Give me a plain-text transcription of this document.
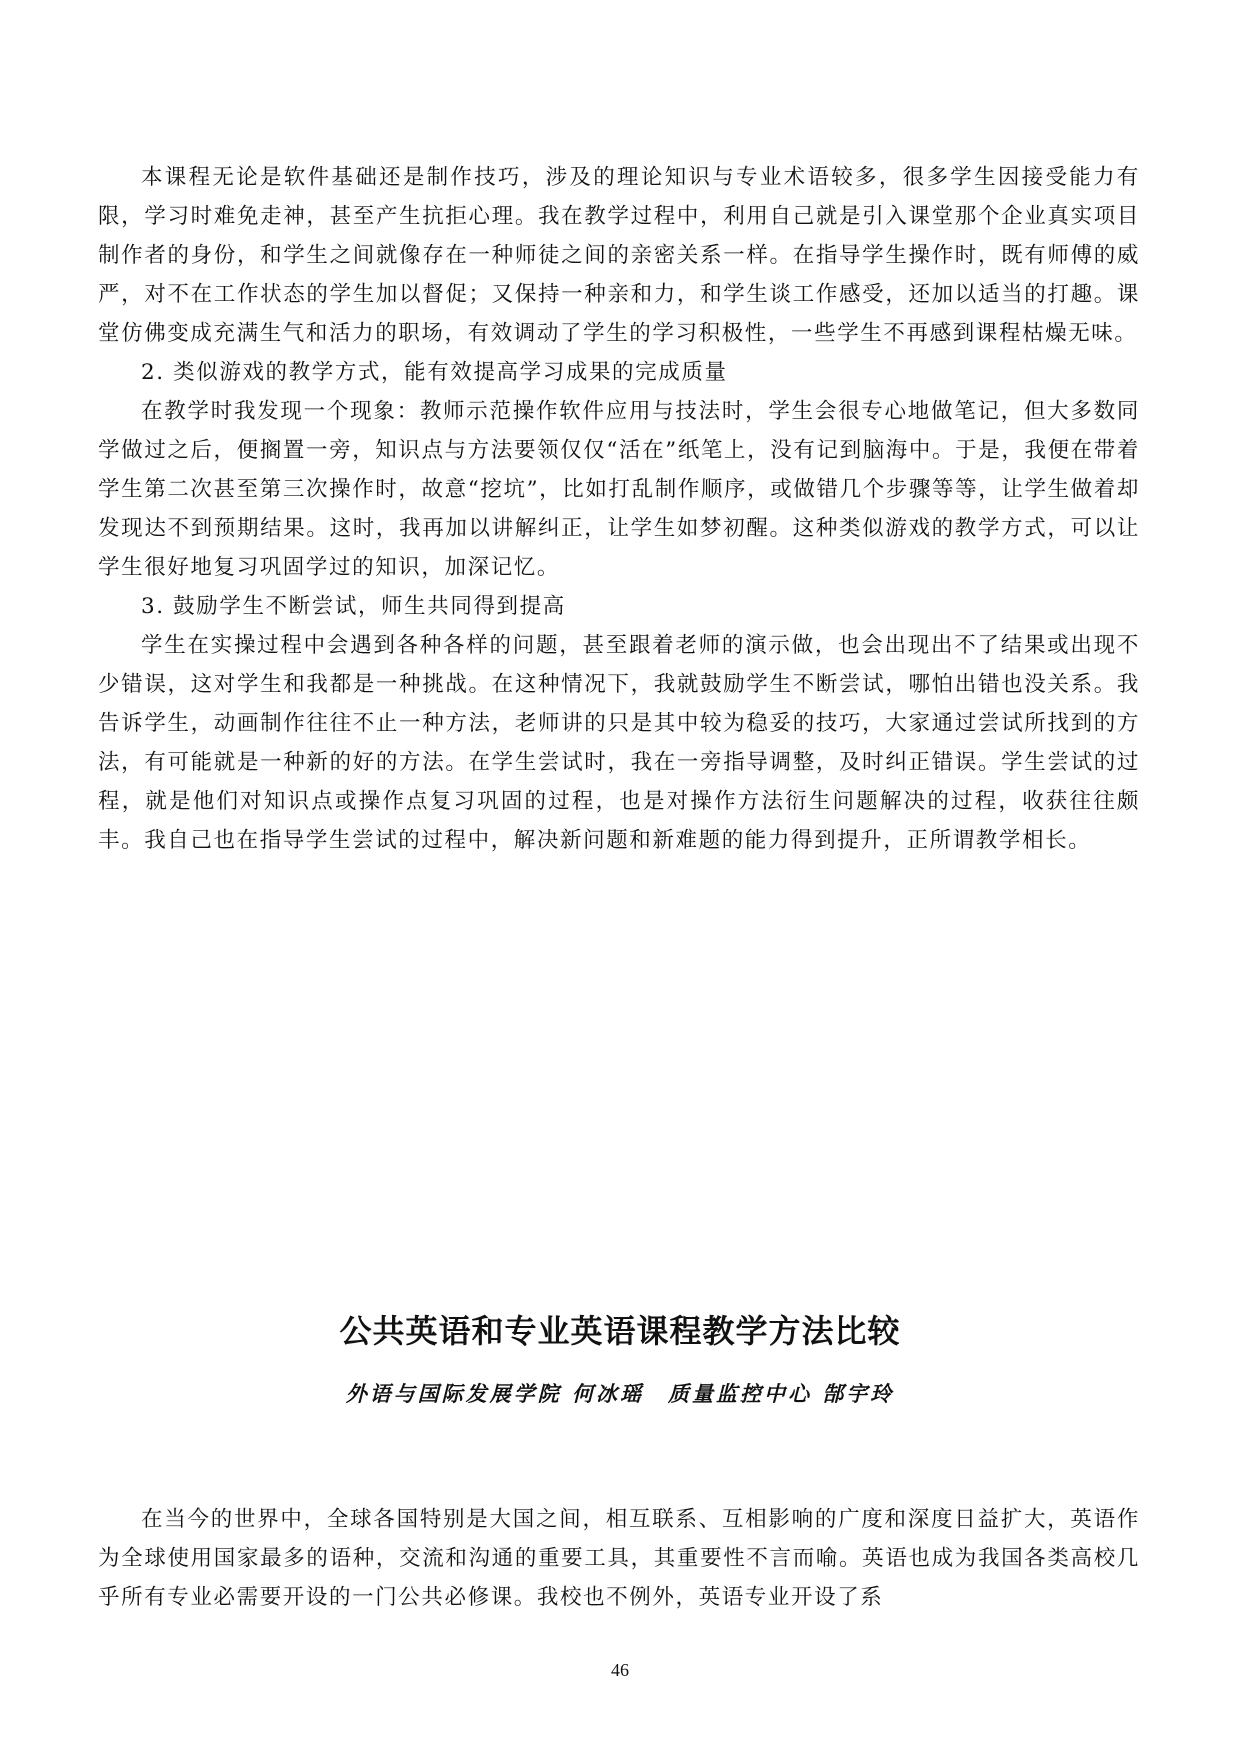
本课程无论是软件基础还是制作技巧，涉及的理论知识与专业术语较多，很多学生因接受能力有限，学习时难免走神，甚至产生抗拒心理。我在教学过程中，利用自己就是引入课堂那个企业真实项目制作者的身份，和学生之间就像存在一种师徒之间的亲密关系一样。在指导学生操作时，既有师傅的威严，对不在工作状态的学生加以督促；又保持一种亲和力，和学生谈工作感受，还加以适当的打趣。课堂仿佛变成充满生气和活力的职场，有效调动了学生的学习积极性，一些学生不再感到课程枯燥无味。

2. 类似游戏的教学方式，能有效提高学习成果的完成质量

在教学时我发现一个现象：教师示范操作软件应用与技法时，学生会很专心地做笔记，但大多数同学做过之后，便搁置一旁，知识点与方法要领仅仅“活在”纸笔上，没有记到脑海中。于是，我便在带着学生第二次甚至第三次操作时，故意“挖坑”，比如打乱制作顺序，或做错几个步骤等等，让学生做着却发现达不到预期结果。这时，我再加以讲解纠正，让学生如梦初醒。这种类似游戏的教学方式，可以让学生很好地复习巩固学过的知识，加深记忆。

3. 鼓励学生不断尝试，师生共同得到提高

学生在实操过程中会遇到各种各样的问题，甚至跟着老师的演示做，也会出现出不了结果或出现不少错误，这对学生和我都是一种挑战。在这种情况下，我就鼓励学生不断尝试，哪怕出错也没关系。我告诉学生，动画制作往往不止一种方法，老师讲的只是其中较为稳妥的技巧，大家通过尝试所找到的方法，有可能就是一种新的好的方法。在学生尝试时，我在一旁指导调整，及时纠正错误。学生尝试的过程，就是他们对知识点或操作点复习巩固的过程，也是对操作方法衍生问题解决的过程，收获往往颇丰。我自己也在指导学生尝试的过程中，解决新问题和新难题的能力得到提升，正所谓教学相长。

公共英语和专业英语课程教学方法比较
外语与国际发展学院 何冰瑶　质量监控中心 郜宇玲

在当今的世界中，全球各国特别是大国之间，相互联系、互相影响的广度和深度日益扩大，英语作为全球使用国家最多的语种，交流和沟通的重要工具，其重要性不言而喻。英语也成为我国各类高校几乎所有专业必需要开设的一门公共必修课。我校也不例外，英语专业开设了系

46
